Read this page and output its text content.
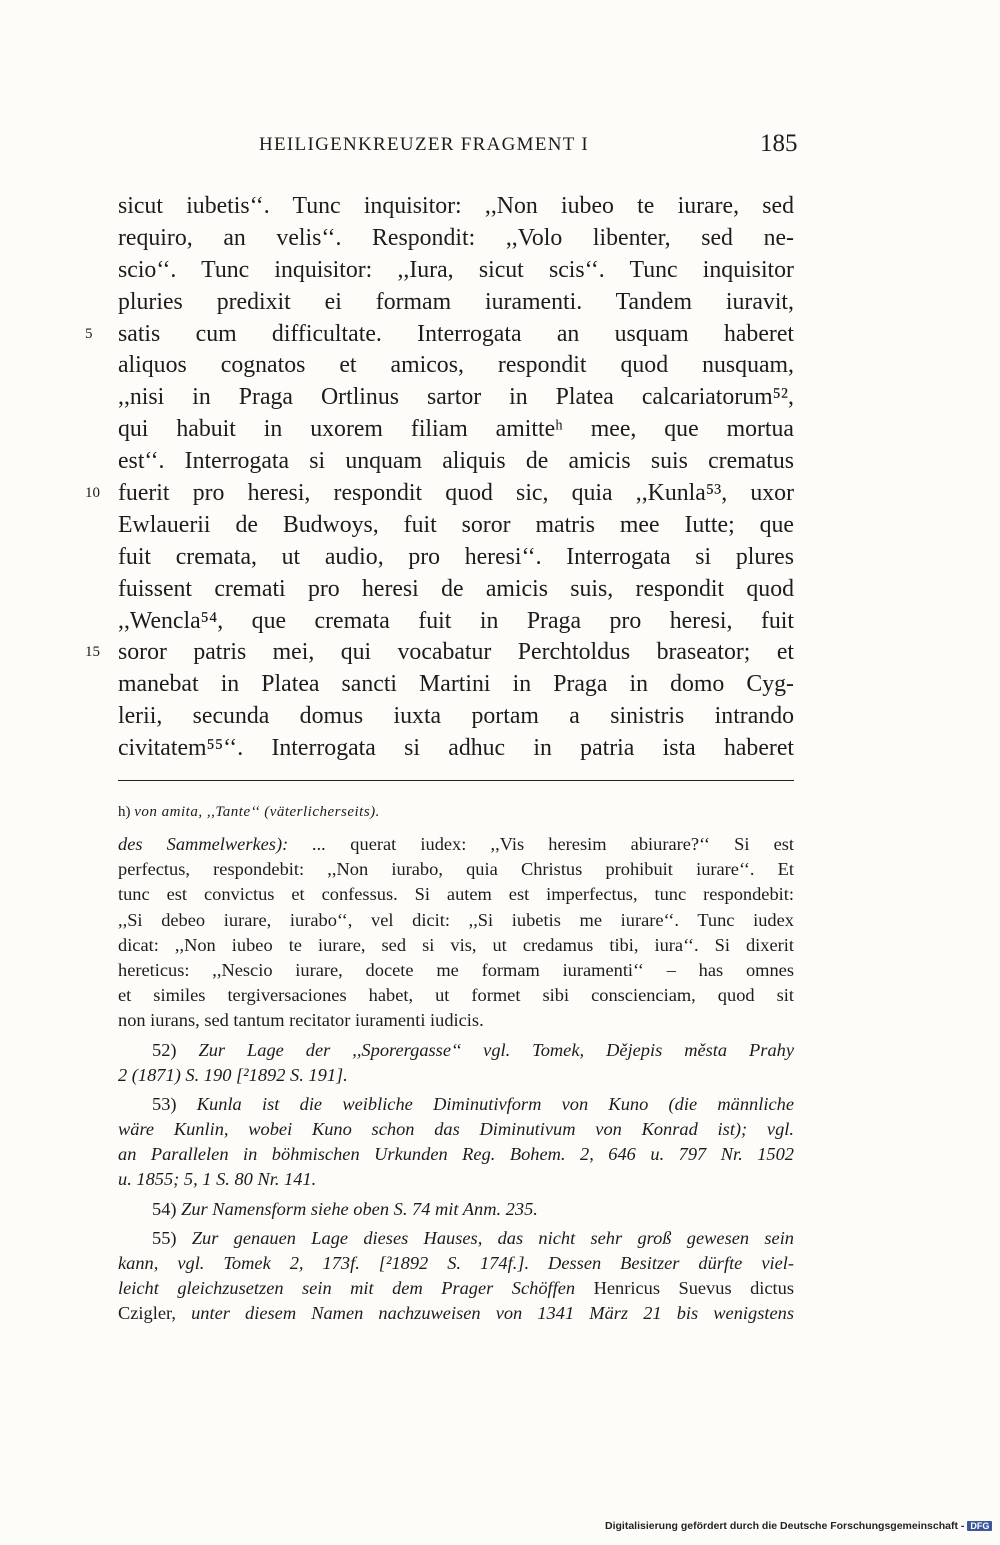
HEILIGENKREUZER FRAGMENT I	185
sicut iubetis‘‘. Tunc inquisitor: ,,Non iubeo te iurare, sed
requiro, an velis‘‘. Respondit: ,,Volo libenter, sed ne-
scio‘‘. Tunc inquisitor: ,,Iura, sicut scis‘‘. Tunc inquisitor
pluries predixit ei formam iuramenti. Tandem iuravit,
5 satis cum difficultate. Interrogata an usquam haberet
aliquos cognatos et amicos, respondit quod nusquam,
,,nisi in Praga Ortlinus sartor in Platea calcariatorum⁵²,
qui habuit in uxorem filiam amitteʰ mee, que mortua
est‘‘. Interrogata si unquam aliquis de amicis suis crematus
10 fuerit pro heresi, respondit quod sic, quia ,,Kunla⁵³, uxor
Ewlauerii de Budwoys, fuit soror matris mee Iutte; que
fuit cremata, ut audio, pro heresi‘‘. Interrogata si plures
fuissent cremati pro heresi de amicis suis, respondit quod
,,Wencla⁵⁴, que cremata fuit in Praga pro heresi, fuit
15 soror patris mei, qui vocabatur Perchtoldus braseator; et
manebat in Platea sancti Martini in Praga in domo Cyg-
lerii, secunda domus iuxta portam a sinistris intrando
civitatem⁵⁵‘‘. Interrogata si adhuc in patria ista haberet
h) von amita, ,,Tante‘‘ (väterlicherseits).
des Sammelwerkes): ... querat iudex: ,,Vis heresim abiurare?‘‘ Si est
perfectus, respondebit: ,,Non iurabo, quia Christus prohibuit iurare‘‘. Et
tunc est convictus et confessus. Si autem est imperfectus, tunc respondebit:
,,Si debeo iurare, iurabo‘‘, vel dicit: ,,Si iubetis me iurare‘‘. Tunc iudex
dicat: ,,Non iubeo te iurare, sed si vis, ut credamus tibi, iura‘‘. Si dixerit
hereticus: ,,Nescio iurare, docete me formam iuramenti‘‘ – has omnes
et similes tergiversaciones habet, ut formet sibi conscienciam, quod sit
non iurans, sed tantum recitator iuramenti iudicis.
52) Zur Lage der ,,Sporergasse‘‘ vgl. Tomek, Dějepis města Prahy
2 (1871) S. 190 [²1892 S. 191].
53) Kunla ist die weibliche Diminutivform von Kuno (die männliche
wäre Kunlin, wobei Kuno schon das Diminutivum von Konrad ist); vgl.
an Parallelen in böhmischen Urkunden Reg. Bohem. 2, 646 u. 797 Nr. 1502
u. 1855; 5, 1 S. 80 Nr. 141.
54) Zur Namensform siehe oben S. 74 mit Anm. 235.
55) Zur genauen Lage dieses Hauses, das nicht sehr groß gewesen sein
kann, vgl. Tomek 2, 173f. [²1892 S. 174f.]. Dessen Besitzer dürfte viel-
leicht gleichzusetzen sein mit dem Prager Schöffen Henricus Suevus dictus
Czigler, unter diesem Namen nachzuweisen von 1341 März 21 bis wenigstens
Digitalisierung gefördert durch die Deutsche Forschungsgemeinschaft - DFG
